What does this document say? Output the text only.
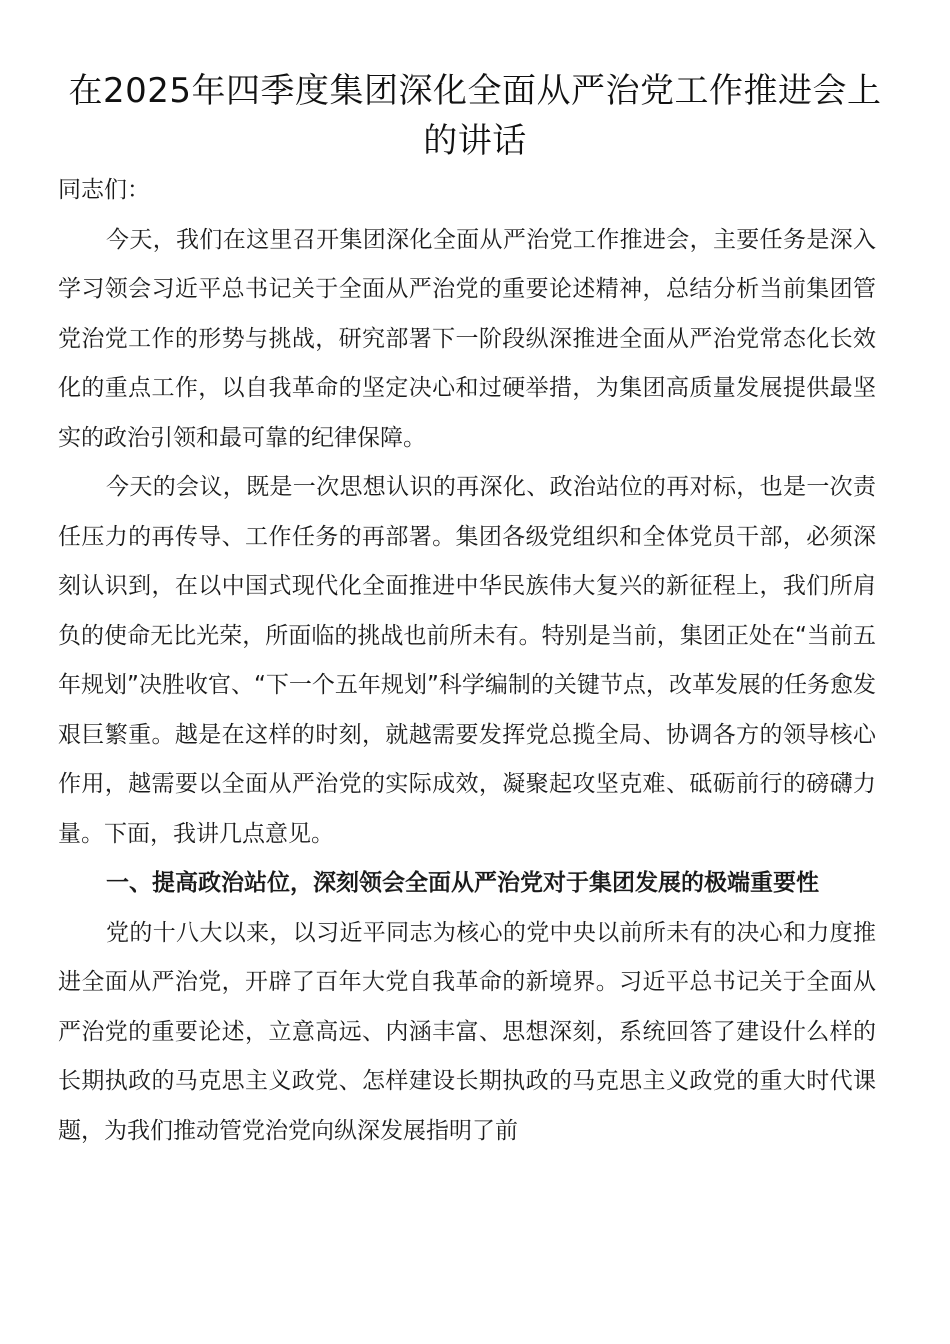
在2025年四季度集团深化全面从严治党工作推进会上的讲话

同志们：

今天，我们在这里召开集团深化全面从严治党工作推进会，主要任务是深入学习领会习近平总书记关于全面从严治党的重要论述精神，总结分析当前集团管党治党工作的形势与挑战，研究部署下一阶段纵深推进全面从严治党常态化长效化的重点工作，以自我革命的坚定决心和过硬举措，为集团高质量发展提供最坚实的政治引领和最可靠的纪律保障。

今天的会议，既是一次思想认识的再深化、政治站位的再对标，也是一次责任压力的再传导、工作任务的再部署。集团各级党组织和全体党员干部，必须深刻认识到，在以中国式现代化全面推进中华民族伟大复兴的新征程上，我们所肩负的使命无比光荣，所面临的挑战也前所未有。特别是当前，集团正处在“当前五年规划”决胜收官、“下一个五年规划”科学编制的关键节点，改革发展的任务愈发艰巨繁重。越是在这样的时刻，就越需要发挥党总揽全局、协调各方的领导核心作用，越需要以全面从严治党的实际成效，凝聚起攻坚克难、砥砺前行的磅礴力量。下面，我讲几点意见。

一、提高政治站位，深刻领会全面从严治党对于集团发展的极端重要性

党的十八大以来，以习近平同志为核心的党中央以前所未有的决心和力度推进全面从严治党，开辟了百年大党自我革命的新境界。习近平总书记关于全面从严治党的重要论述，立意高远、内涵丰富、思想深刻，系统回答了建设什么样的长期执政的马克思主义政党、怎样建设长期执政的马克思主义政党的重大时代课题，为我们推动管党治党向纵深发展指明了前
